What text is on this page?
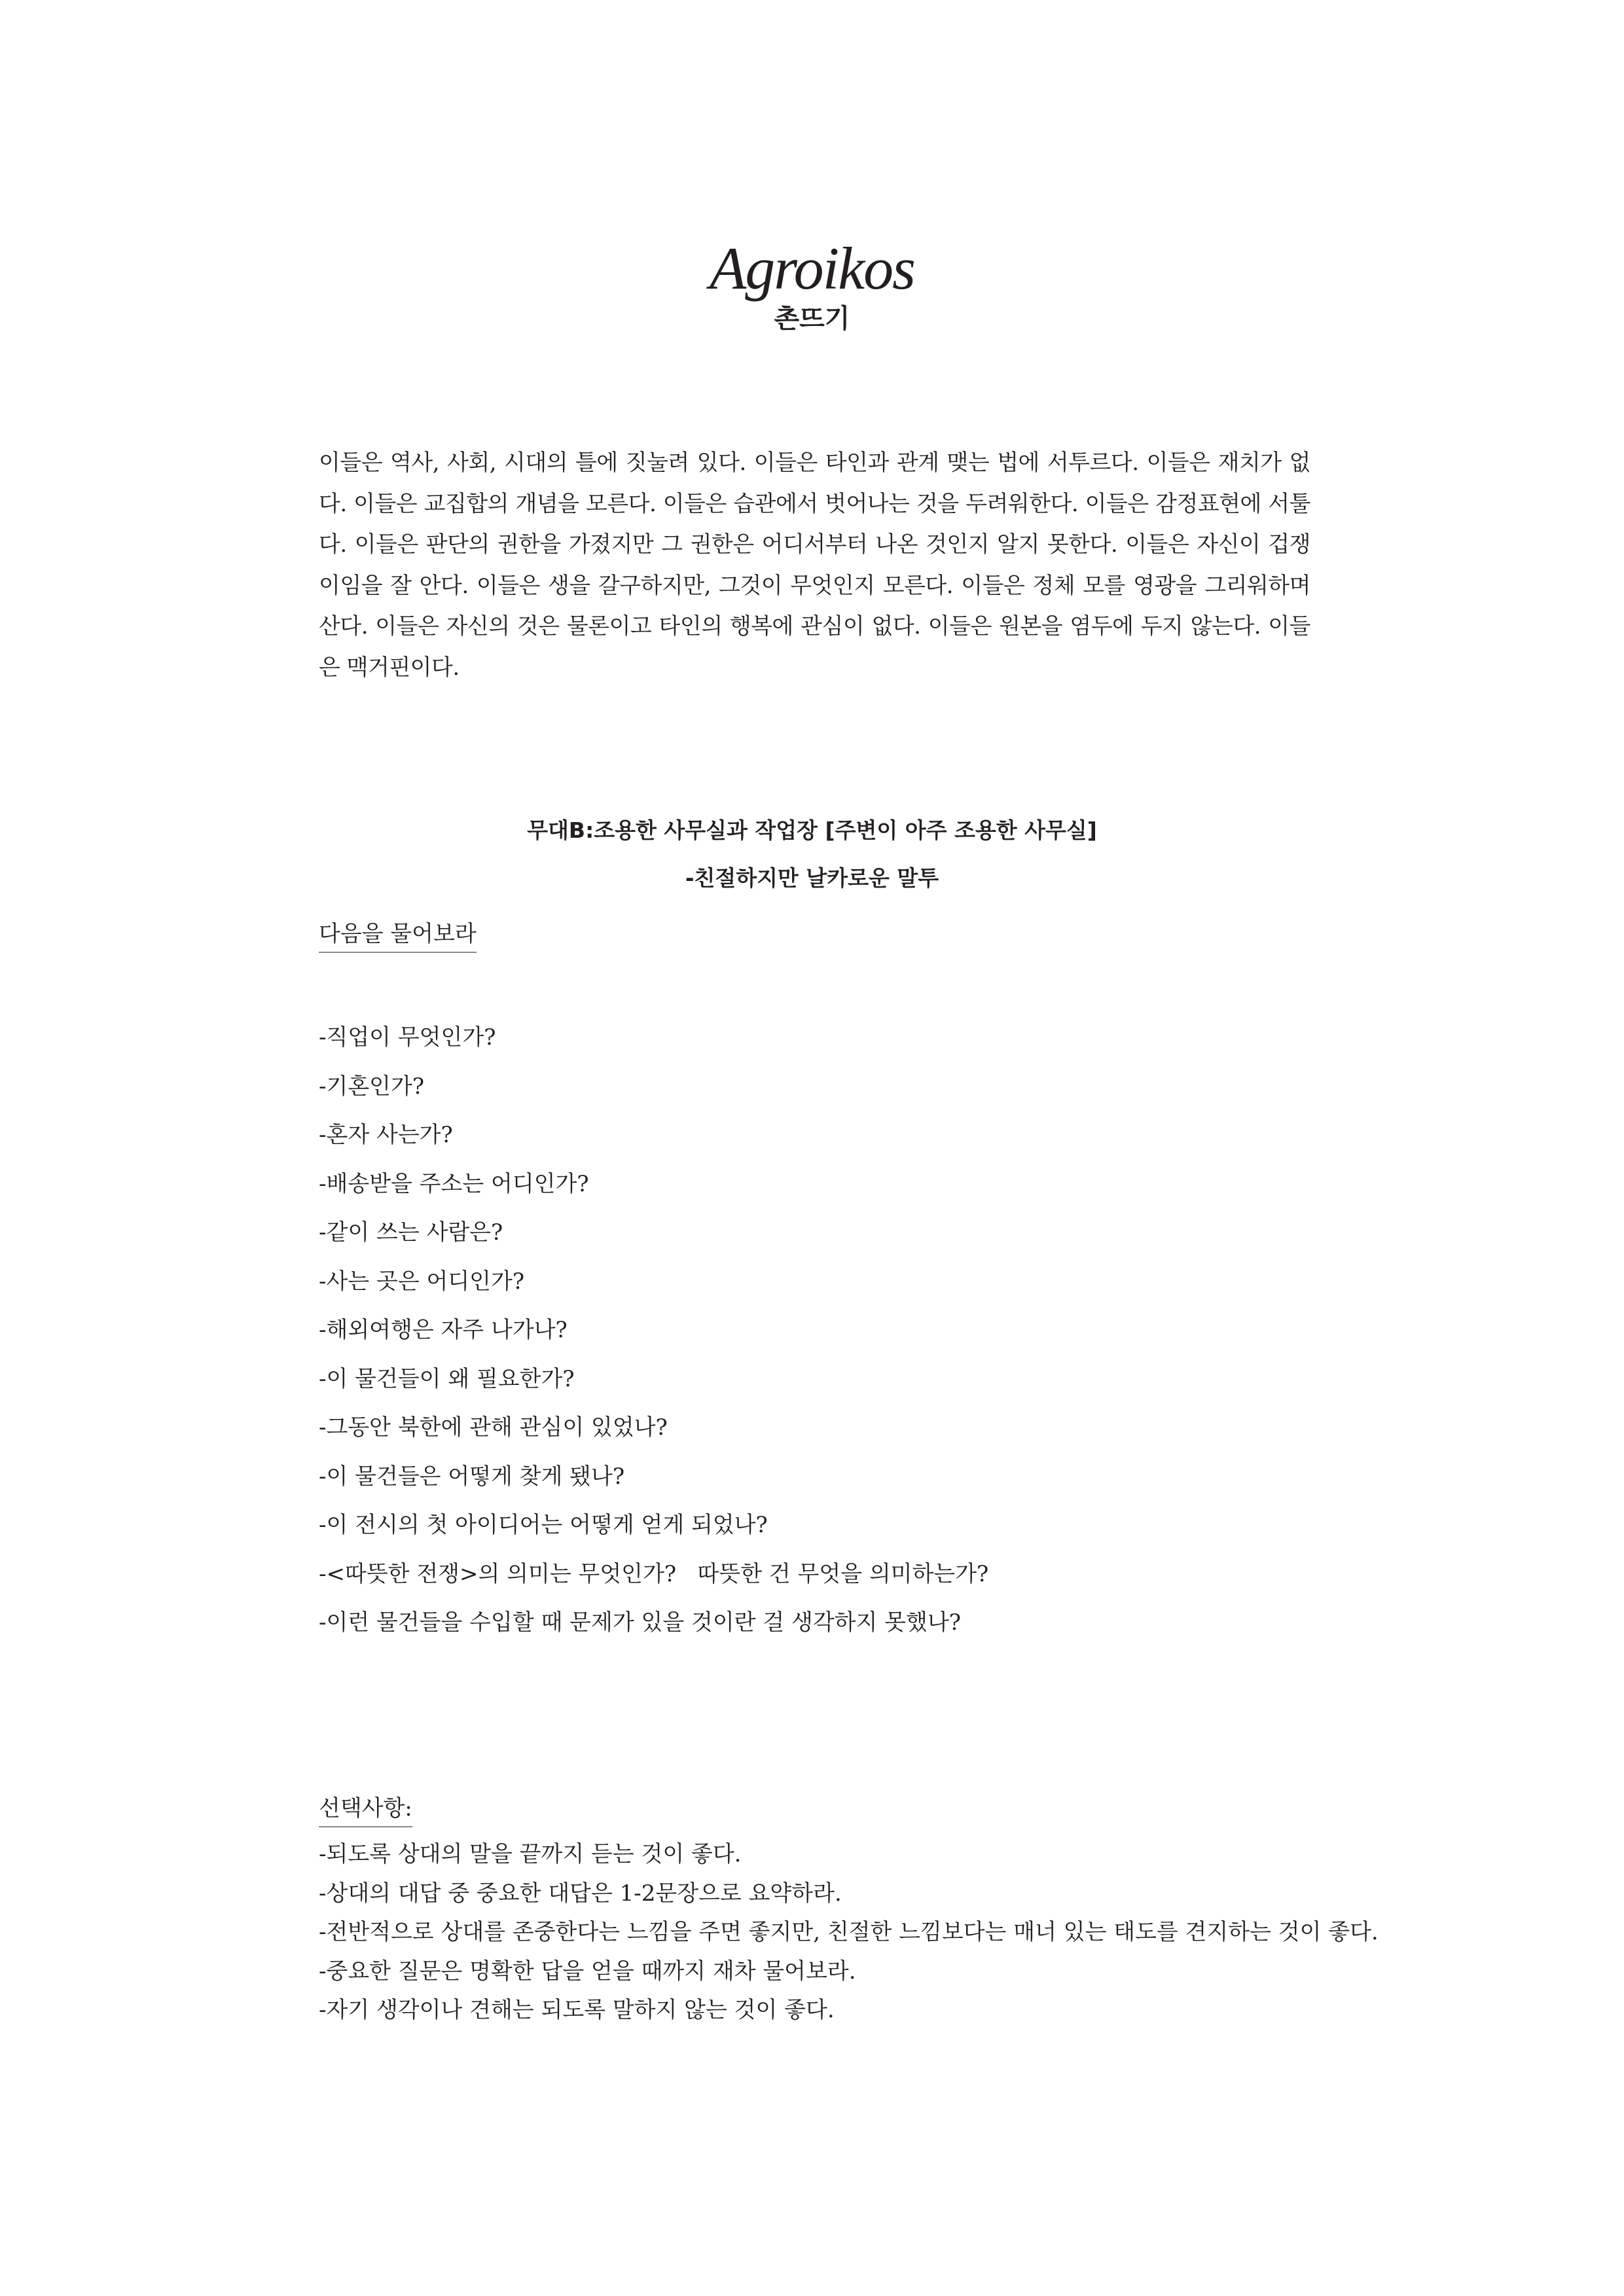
Agroikos
촌뜨기

이들은 역사, 사회, 시대의 틀에 짓눌려 있다. 이들은 타인과 관계 맺는 법에 서투르다. 이들은 재치가 없다. 이들은 교집합의 개념을 모른다. 이들은 습관에서 벗어나는 것을 두려워한다. 이들은 감정표현에 서툴다. 이들은 판단의 권한을 가졌지만 그 권한은 어디서부터 나온 것인지 알지 못한다. 이들은 자신이 겁쟁이임을 잘 안다. 이들은 생을 갈구하지만, 그것이 무엇인지 모른다. 이들은 정체 모를 영광을 그리워하며 산다. 이들은 자신의 것은 물론이고 타인의 행복에 관심이 없다. 이들은 원본을 염두에 두지 않는다. 이들은 맥거핀이다.

무대B:조용한 사무실과 작업장 [주변이 아주 조용한 사무실]
-친절하지만 날카로운 말투
다음을 물어보라
-직업이 무엇인가?
-기혼인가?
-혼자 사는가?
-배송받을 주소는 어디인가?
-같이 쓰는 사람은?
-사는 곳은 어디인가?
-해외여행은 자주 나가나?
-이 물건들이 왜 필요한가?
-그동안 북한에 관해 관심이 있었나?
-이 물건들은 어떻게 찾게 됐나?
-이 전시의 첫 아이디어는 어떻게 얻게 되었나?
-<따뜻한 전쟁>의 의미는 무엇인가?   따뜻한 건 무엇을 의미하는가?
-이런 물건들을 수입할 때 문제가 있을 것이란 걸 생각하지 못했나?
선택사항:
-되도록 상대의 말을 끝까지 듣는 것이 좋다.
-상대의 대답 중 중요한 대답은 1-2문장으로 요약하라.
-전반적으로 상대를 존중한다는 느낌을 주면 좋지만, 친절한 느낌보다는 매너 있는 태도를 견지하는 것이 좋다.
-중요한 질문은 명확한 답을 얻을 때까지 재차 물어보라.
-자기 생각이나 견해는 되도록 말하지 않는 것이 좋다.
